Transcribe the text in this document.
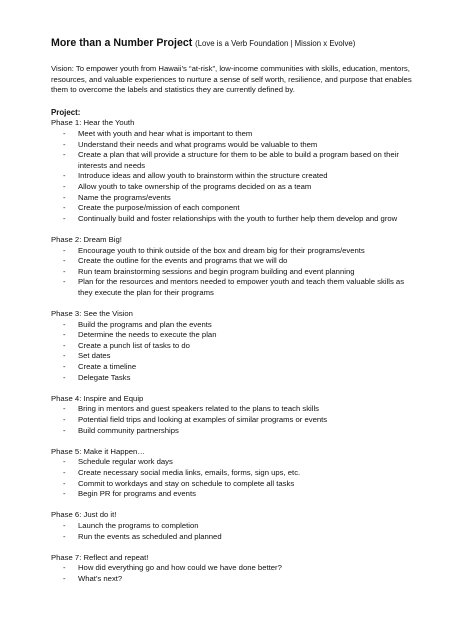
More than a Number Project (Love is a Verb Foundation | Mission x Evolve)

Vision: To empower youth from Hawaii’s “at-risk”, low-income communities with skills, education, mentors, resources, and valuable experiences to nurture a sense of self worth, resilience, and purpose that enables them to overcome the labels and statistics they are currently defined by.

Project:

Phase 1: Hear the Youth

- Meet with youth and hear what is important to them
- Understand their needs and what programs would be valuable to them
- Create a plan that will provide a structure for them to be able to build a program based on their interests and needs
- Introduce ideas and allow youth to brainstorm within the structure created
- Allow youth to take ownership of the programs decided on as a team
- Name the programs/events
- Create the purpose/mission of each component
- Continually build and foster relationships with the youth to further help them develop and grow

Phase 2: Dream Big!

- Encourage youth to think outside of the box and dream big for their programs/events
- Create the outline for the events and programs that we will do
- Run team brainstorming sessions and begin program building and event planning
- Plan for the resources and mentors needed to empower youth and teach them valuable skills as they execute the plan for their programs

Phase 3: See the Vision

- Build the programs and plan the events
- Determine the needs to execute the plan
- Create a punch list of tasks to do
- Set dates
- Create a timeline
- Delegate Tasks

Phase 4: Inspire and Equip

- Bring in mentors and guest speakers related to the plans to teach skills
- Potential field trips and looking at examples of similar programs or events
- Build community partnerships

Phase 5: Make it Happen…

- Schedule regular work days
- Create necessary social media links, emails, forms, sign ups, etc.
- Commit to workdays and stay on schedule to complete all tasks
- Begin PR for programs and events

Phase 6: Just do it!

- Launch the programs to completion
- Run the events as scheduled and planned

Phase 7: Reflect and repeat!

- How did everything go and how could we have done better?
- What's next?
